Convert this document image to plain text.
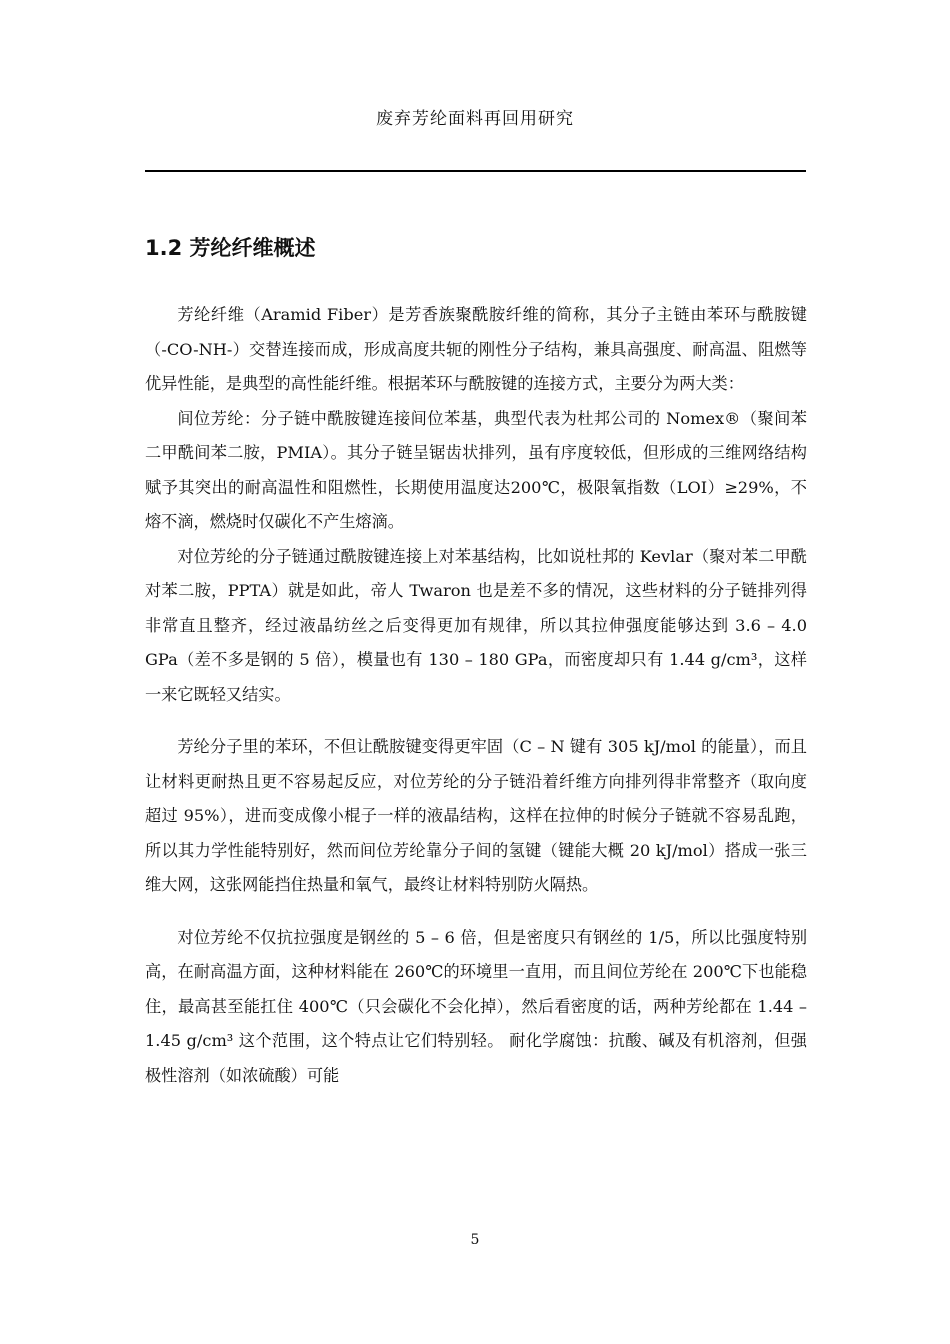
废弃芳纶面料再回用研究
1.2 芳纶纤维概述

芳纶纤维（Aramid Fiber）是芳香族聚酰胺纤维的简称，其分子主链由苯环与酰胺键（-CO-NH-）交替连接而成，形成高度共轭的刚性分子结构，兼具高强度、耐高温、阻燃等优异性能，是典型的高性能纤维。根据苯环与酰胺键的连接方式，主要分为两大类：

间位芳纶：分子链中酰胺键连接间位苯基，典型代表为杜邦公司的 Nomex®（聚间苯二甲酰间苯二胺，PMIA）。其分子链呈锯齿状排列，虽有序度较低，但形成的三维网络结构赋予其突出的耐高温性和阻燃性，长期使用温度达200℃，极限氧指数（LOI）≥29%，不熔不滴，燃烧时仅碳化不产生熔滴。

对位芳纶的分子链通过酰胺键连接上对苯基结构，比如说杜邦的 Kevlar（聚对苯二甲酰对苯二胺，PPTA）就是如此，帝人 Twaron 也是差不多的情况，这些材料的分子链排列得非常直且整齐，经过液晶纺丝之后变得更加有规律，所以其拉伸强度能够达到 3.6 – 4.0 GPa（差不多是钢的 5 倍），模量也有 130 – 180 GPa，而密度却只有 1.44 g/cm³，这样一来它既轻又结实。

芳纶分子里的苯环，不但让酰胺键变得更牢固（C – N 键有 305 kJ/mol 的能量），而且让材料更耐热且更不容易起反应，对位芳纶的分子链沿着纤维方向排列得非常整齐（取向度超过 95%），进而变成像小棍子一样的液晶结构，这样在拉伸的时候分子链就不容易乱跑，所以其力学性能特别好，然而间位芳纶靠分子间的氢键（键能大概 20 kJ/mol）搭成一张三维大网，这张网能挡住热量和氧气，最终让材料特别防火隔热。

对位芳纶不仅抗拉强度是钢丝的 5 – 6 倍，但是密度只有钢丝的 1/5，所以比强度特别高，在耐高温方面，这种材料能在 260℃的环境里一直用，而且间位芳纶在 200℃下也能稳住，最高甚至能扛住 400℃（只会碳化不会化掉），然后看密度的话，两种芳纶都在 1.44 – 1.45 g/cm³ 这个范围，这个特点让它们特别轻。 耐化学腐蚀：抗酸、碱及有机溶剂，但强极性溶剂（如浓硫酸）可能

5
